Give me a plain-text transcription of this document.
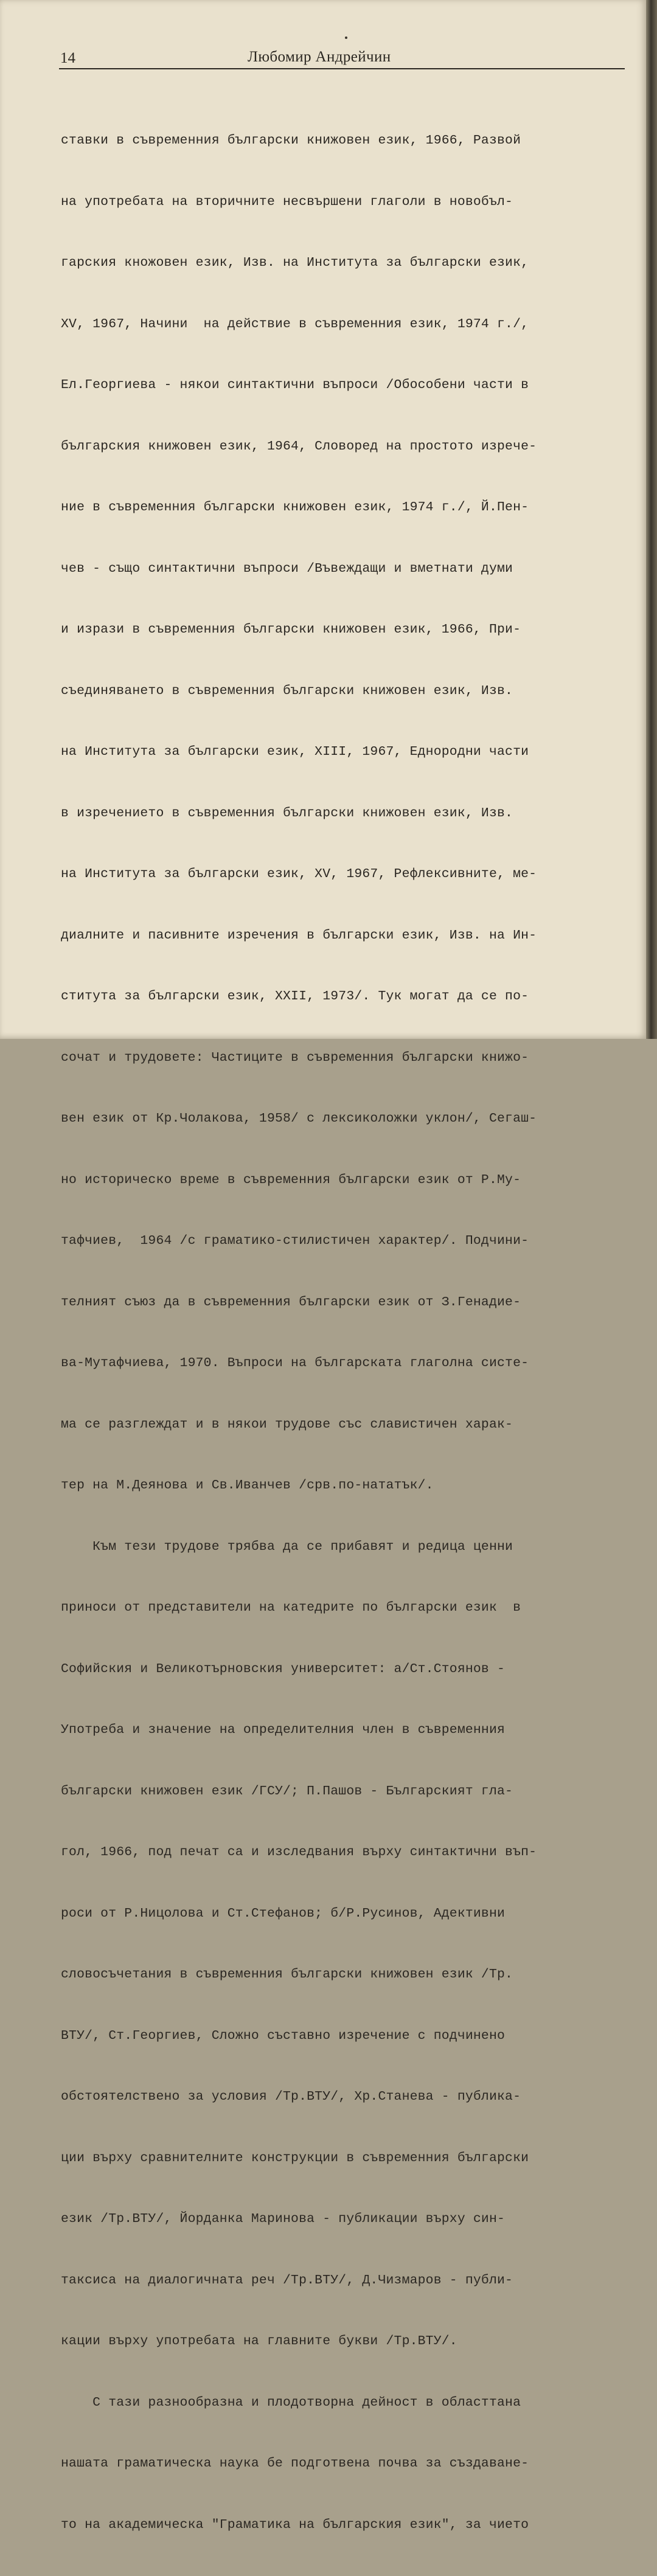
14	Любомир Андрейчин

ставки в съвременния български книжовен език, 1966, Развой

на употребата на вторичните несвършени глаголи в новобъл-

гарския кножовен език, Изв. на Института за български език,

XV, 1967, Начини  на действие в съвременния език, 1974 г./,

Ел.Георгиева - някои синтактични въпроси /Обособени части в

българския книжовен език, 1964, Словоред на простото изрече-

ние в съвременния български книжовен език, 1974 г./, Й.Пен-

чев - също синтактични въпроси /Въвеждащи и вметнати думи

и изрази в съвременния български книжовен език, 1966, При-

съединяването в съвременния български книжовен език, Изв.

на Института за български език, XIII, 1967, Еднородни части

в изречението в съвременния български книжовен език, Изв.

на Института за български език, XV, 1967, Рефлексивните, ме-

диалните и пасивните изречения в български език, Изв. на Ин-

ститута за български език, XXII, 1973/. Тук могат да се по-

сочат и трудовете: Частиците в съвременния български книжо-

вен език от Кр.Чолакова, 1958/ с лексиколожки уклон/, Сегаш-

но историческо време в съвременния български език от Р.Му-

тафчиев,  1964 /с граматико-стилистичен характер/. Подчини-

телният съюз да в съвременния български език от З.Генадие-

ва-Мутафчиева, 1970. Въпроси на българската глаголна систе-

ма се разглеждат и в някои трудове със славистичен харак-

тер на М.Деянова и Св.Иванчев /срв.по-нататък/.

Към тези трудове трябва да се прибавят и редица ценни

приноси от представители на катедрите по български език  в

Софийския и Великотърновския университет: а/Ст.Стоянов -

Употреба и значение на определителния член в съвременния

български книжовен език /ГСУ/; П.Пашов - Българският гла-

гол, 1966, под печат са и изследвания върху синтактични въп-

роси от Р.Ницолова и Ст.Стефанов; б/Р.Русинов, Адективни

словосъчетания в съвременния български книжовен език /Тр.

ВТУ/, Ст.Георгиев, Сложно съставно изречение с подчинено

обстоятелствено за условия /Тр.ВТУ/, Хр.Станева - публика-

ции върху сравнителните конструкции в съвременния български

език /Тр.ВТУ/, Йорданка Маринова - публикации върху син-

таксиса на диалогичната реч /Тр.ВТУ/, Д.Чизмаров - публи-

кации върху употребата на главните букви /Тр.ВТУ/.

С тази разнообразна и плодотворна дейност в областтана

нашата граматическа наука бе подготвена почва за създаване-

то на академическа "Граматика на българския език", за чието
